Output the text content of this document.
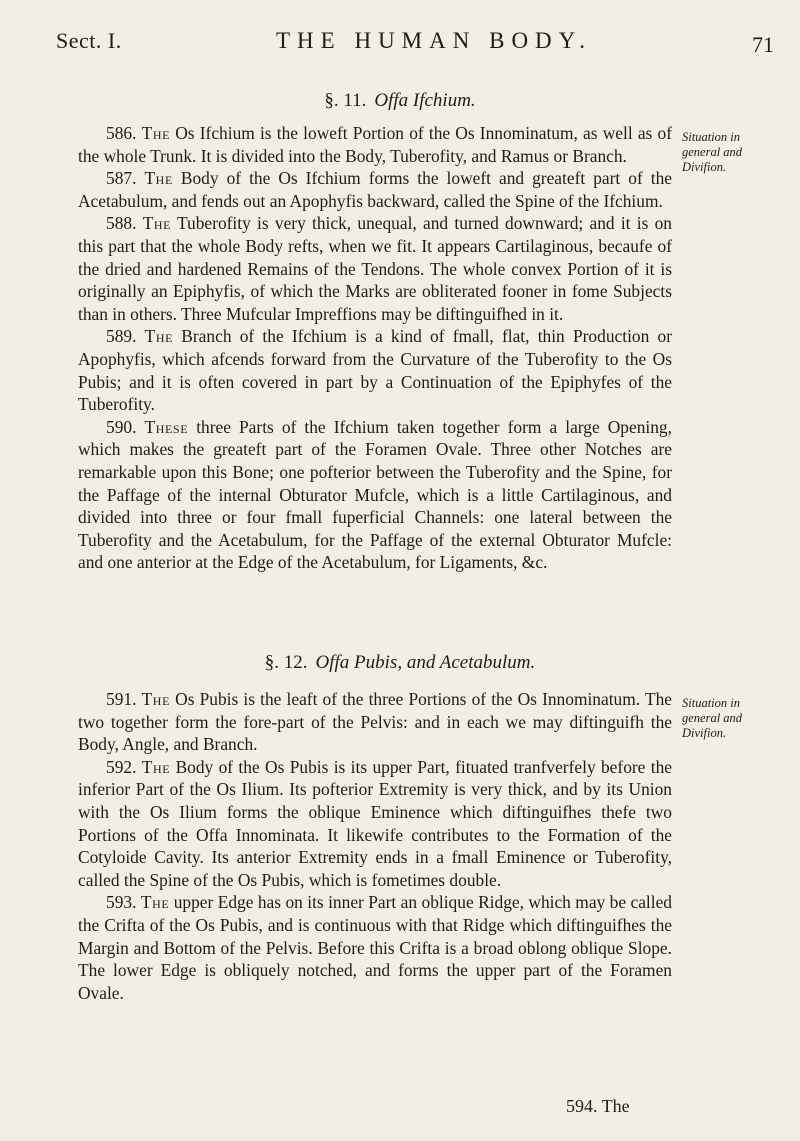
Sect. I.	THE HUMAN BODY.	71
§. 11. Offa Ifchium.

586. The Os Ifchium is the loweft Portion of the Os Innominatum, as well as of the whole Trunk. It is divided into the Body, Tuberofity, and Ramus or Branch.

587. The Body of the Os Ifchium forms the loweft and greateft part of the Acetabulum, and fends out an Apophyfis backward, called the Spine of the Ifchium.

588. The Tuberofity is very thick, unequal, and turned downward; and it is on this part that the whole Body refts, when we fit. It appears Cartilaginous, becaufe of the dried and hardened Remains of the Tendons. The whole convex Portion of it is originally an Epiphyfis, of which the Marks are obliterated fooner in fome Subjects than in others. Three Mufcular Impreffions may be diftinguifhed in it.

589. The Branch of the Ifchium is a kind of fmall, flat, thin Production or Apophyfis, which afcends forward from the Curvature of the Tuberofity to the Os Pubis; and it is often covered in part by a Continuation of the Epiphyfes of the Tuberofity.

590. These three Parts of the Ifchium taken together form a large Opening, which makes the greateft part of the Foramen Ovale. Three other Notches are remarkable upon this Bone; one pofterior between the Tuberofity and the Spine, for the Paffage of the internal Obturator Mufcle, which is a little Cartilaginous, and divided into three or four fmall fuperficial Channels: one lateral between the Tuberofity and the Acetabulum, for the Paffage of the external Obturator Mufcle: and one anterior at the Edge of the Acetabulum, for Ligaments, &c.

Situation in
general and
Divifion.
§. 12. Offa Pubis, and Acetabulum.

591. The Os Pubis is the leaft of the three Portions of the Os Innominatum. The two together form the fore-part of the Pelvis: and in each we may diftinguifh the Body, Angle, and Branch.

592. The Body of the Os Pubis is its upper Part, fituated tranfverfely before the inferior Part of the Os Ilium. Its pofterior Extremity is very thick, and by its Union with the Os Ilium forms the oblique Eminence which diftinguifhes thefe two Portions of the Offa Innominata. It likewife contributes to the Formation of the Cotyloide Cavity. Its anterior Extremity ends in a fmall Eminence or Tuberofity, called the Spine of the Os Pubis, which is fometimes double.

593. The upper Edge has on its inner Part an oblique Ridge, which may be called the Crifta of the Os Pubis, and is continuous with that Ridge which diftinguifhes the Margin and Bottom of the Pelvis. Before this Crifta is a broad oblong oblique Slope. The lower Edge is obliquely notched, and forms the upper part of the Foramen Ovale.

Situation in
general and
Divifion.
594. The
